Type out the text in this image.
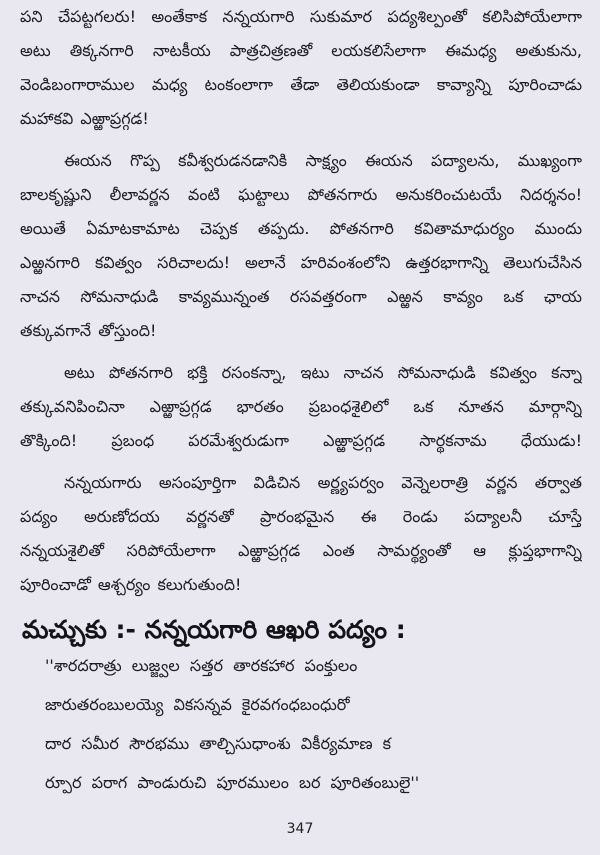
పని చేపట్టగలరు! అంతేకాక నన్నయగారి సుకుమార పద్యశిల్పంతో కలిసిపోయేలాగా
అటు తిక్కనగారి నాటకీయ పాత్రచిత్రణతో లయకలిసేలాగా ఈమధ్య అతుకును,
వెండిబంగారాముల మధ్య టంకంలాగా తేడా తెలియకుండా కావ్యాన్ని పూరించాడు
మహాకవి ఎఱ్ఱాప్రగ్గడ!
ఈయన గొప్ప కవీశ్వరుడనడానికి సాక్ష్యం ఈయన పద్యాలను, ముఖ్యంగా
బాలకృష్ణుని లీలావర్ణన వంటి ఘట్టాలు పోతనగారు అనుకరించుటయే నిదర్శనం!
అయితే ఏమాటకామాట చెప్పక తప్పదు. పోతనగారి కవితామాధుర్యం ముందు
ఎఱ్ఱనగారి కవిత్వం సరిచాలదు! అలానే హరివంశంలోని ఉత్తరభాగాన్ని తెలుగుచేసిన
నాచన సోమనాధుడి కావ్యమున్నంత రసవత్తరంగా ఎఱ్ఱన కావ్యం ఒక ఛాయ
తక్కువగానే తోస్తుంది!
అటు పోతనగారి భక్తి రసంకన్నా, ఇటు నాచన సోమనాధుడి కవిత్వం కన్నా
తక్కువనిపించినా ఎఱ్ఱాప్రగ్గడ భారతం ప్రబంధశైలిలో ఒక నూతన మార్గాన్ని
తొక్కింది! ప్రబంధ పరమేశ్వరుడుగా ఎఱ్ఱాప్రగ్గడ సార్థకనామ ధేయుడు!
నన్నయగారు అసంపూర్తిగా విడిచిన అర్ణ్యపర్వం వెన్నెలరాత్రి వర్ణన తర్వాత
పద్యం అరుణోదయ వర్ణనతో ప్రారంభమైన ఈ రెండు పద్యాలనీ చూస్తే
నన్నయశైలితో సరిపోయేలాగా ఎఱ్ఱాప్రగ్గడ ఎంత సామర్థ్యంతో ఆ క్లుప్తభాగాన్ని
పూరించాడో ఆశ్చర్యం కలుగుతుంది!
మచ్చుకు :- నన్నయగారి ఆఖరి పద్యం :
''శారదరాత్రు లుజ్జ్వల సత్తర తారకహార పంక్తులం
జారుతరంబులయ్యె వికసన్నవ కైరవగంధబంధురో
దార సమీర సౌరభము తాల్చిసుధాంశు వికీర్యమాణ క
ర్పూర పరాగ పాండురుచి పూరములం బర పూరితంబులై''
347
